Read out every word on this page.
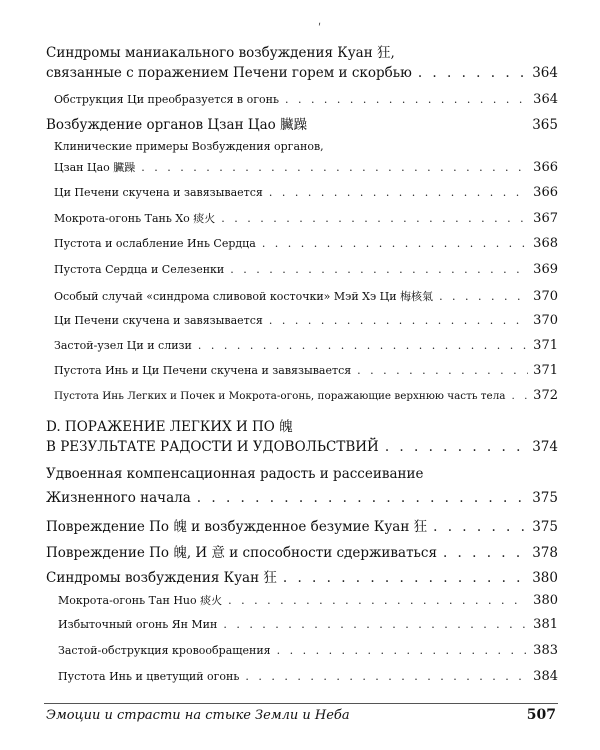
ʹ
Синдромы маниакального возбуждения Куан 狂,
связанные с поражением Печени горем и скорбью . . .	364
Обструкция Ци преобразуется в огонь . . .	364
Возбуждение органов Цзан Цао 臟躁	365
Клинические примеры Возбуждения органов,
Цзан Цао 臟躁 . . .	366
Ци Печени скучена и завязывается . . .	366
Мокрота-огонь Тань Хо 痰火 . . .	367
Пустота и ослабление Инь Сердца . . .	368
Пустота Сердца и Селезенки . . .	369
Особый случай «синдрома сливовой косточки» Мэй Хэ Ци 梅核氣 . . .	370
Ци Печени скучена и завязывается . . .	370
Застой-узел Ци и слизи . . .	371
Пустота Инь и Ци Печени скучена и завязывается . . .	371
Пустота Инь Легких и Почек и Мокрота-огонь, поражающие верхнюю часть тела . . . 372
D. ПОРАЖЕНИЕ ЛЕГКИХ И ПО 魄
В РЕЗУЛЬТАТЕ РАДОСТИ И УДОВОЛЬСТВИЙ . . .	374
Удвоенная компенсационная радость и рассеивание
Жизненного начала . . .	375
Повреждение По 魄 и возбужденное безумие Куан 狂 . . .	375
Повреждение По 魄, И 意 и способности сдерживаться . . .	378
Синдромы возбуждения Куан 狂 . . .	380
Мокрота-огонь Тан Нuo 痰火 . . .	380
Избыточный огонь Ян Мин . . .	381
Застой-обструкция кровообращения . . .	383
Пустота Инь и цветущий огонь . . .	384
Эмоции и страсти на стыке Земли и Неба	507
